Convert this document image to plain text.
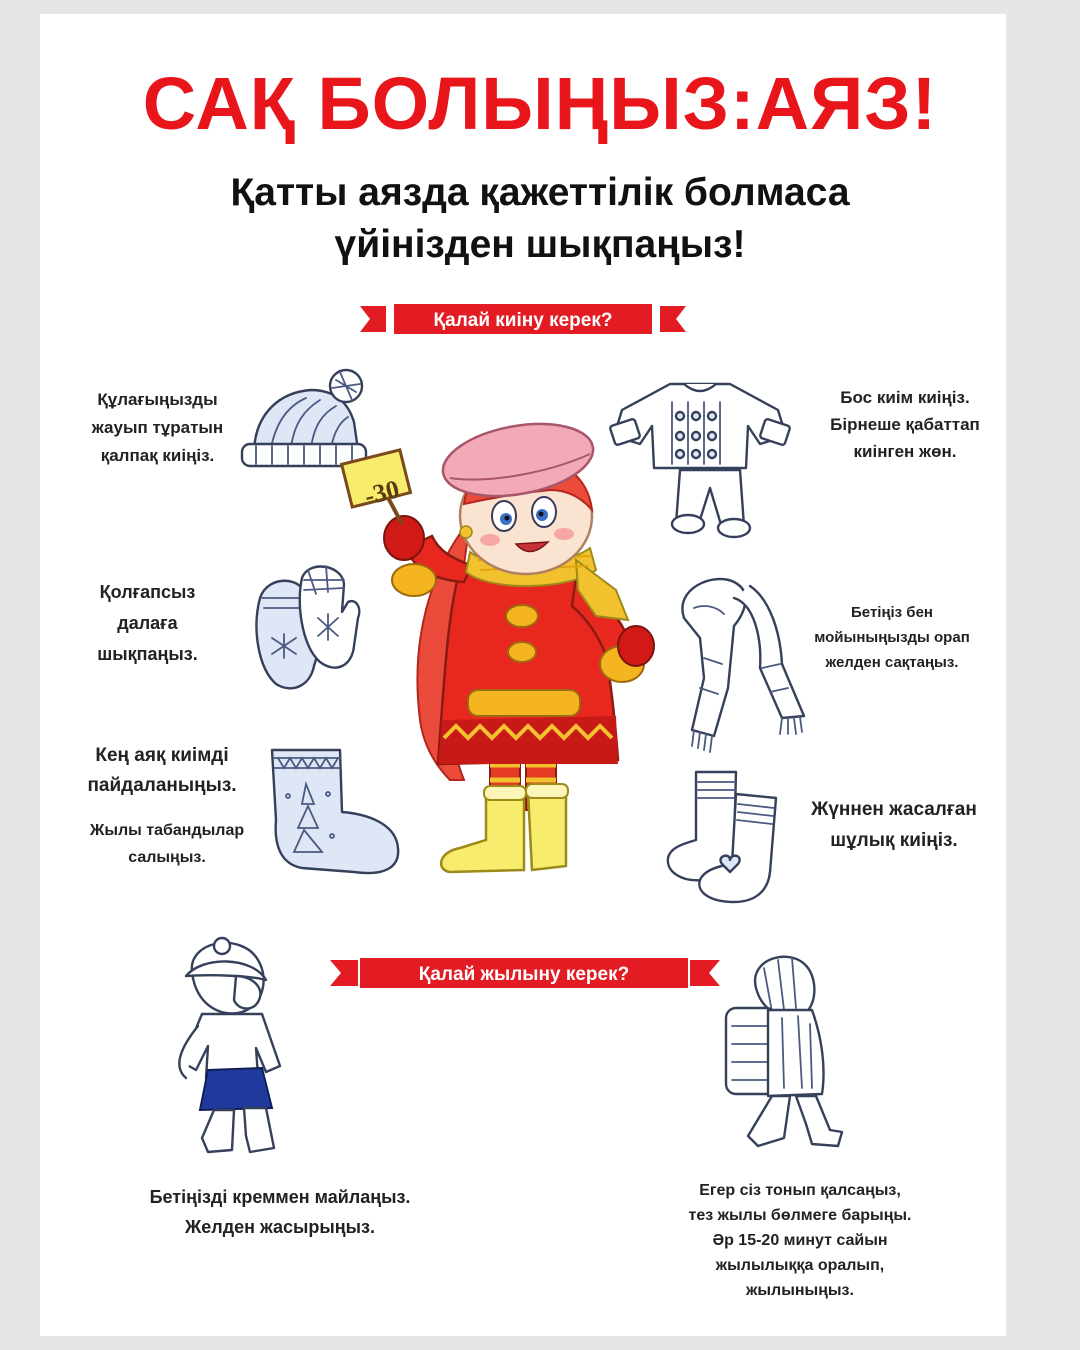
САҚ БОЛЫҢЫЗ:АЯЗ!
Қатты аязда қажеттілік болмаса
үйінізден шықпаңыз!
Қалай киіну керек?
Құлағыңызды
жауып тұратын
қалпақ киіңіз.
Қолғапсыз
далаға
шықпаңыз.
Кең аяқ киімді
пайдаланыңыз.
Жылы табандылар
салыңыз.
Бос киім киіңіз.
Бірнеше қабаттап
киінген жөн.
Бетіңіз бен
мойыныңызды орап
желден сақтаңыз.
Жүннен жасалған
шұлық киіңіз.
-30
Қалай жылыну керек?
Бетіңізді креммен майлаңыз.
Желден жасырыңыз.
Егер сіз тонып қалсаңыз,
тез жылы бөлмеге барыңы.
Әр 15-20 минут сайын
жылылыққа оралып,
жылыныңыз.
